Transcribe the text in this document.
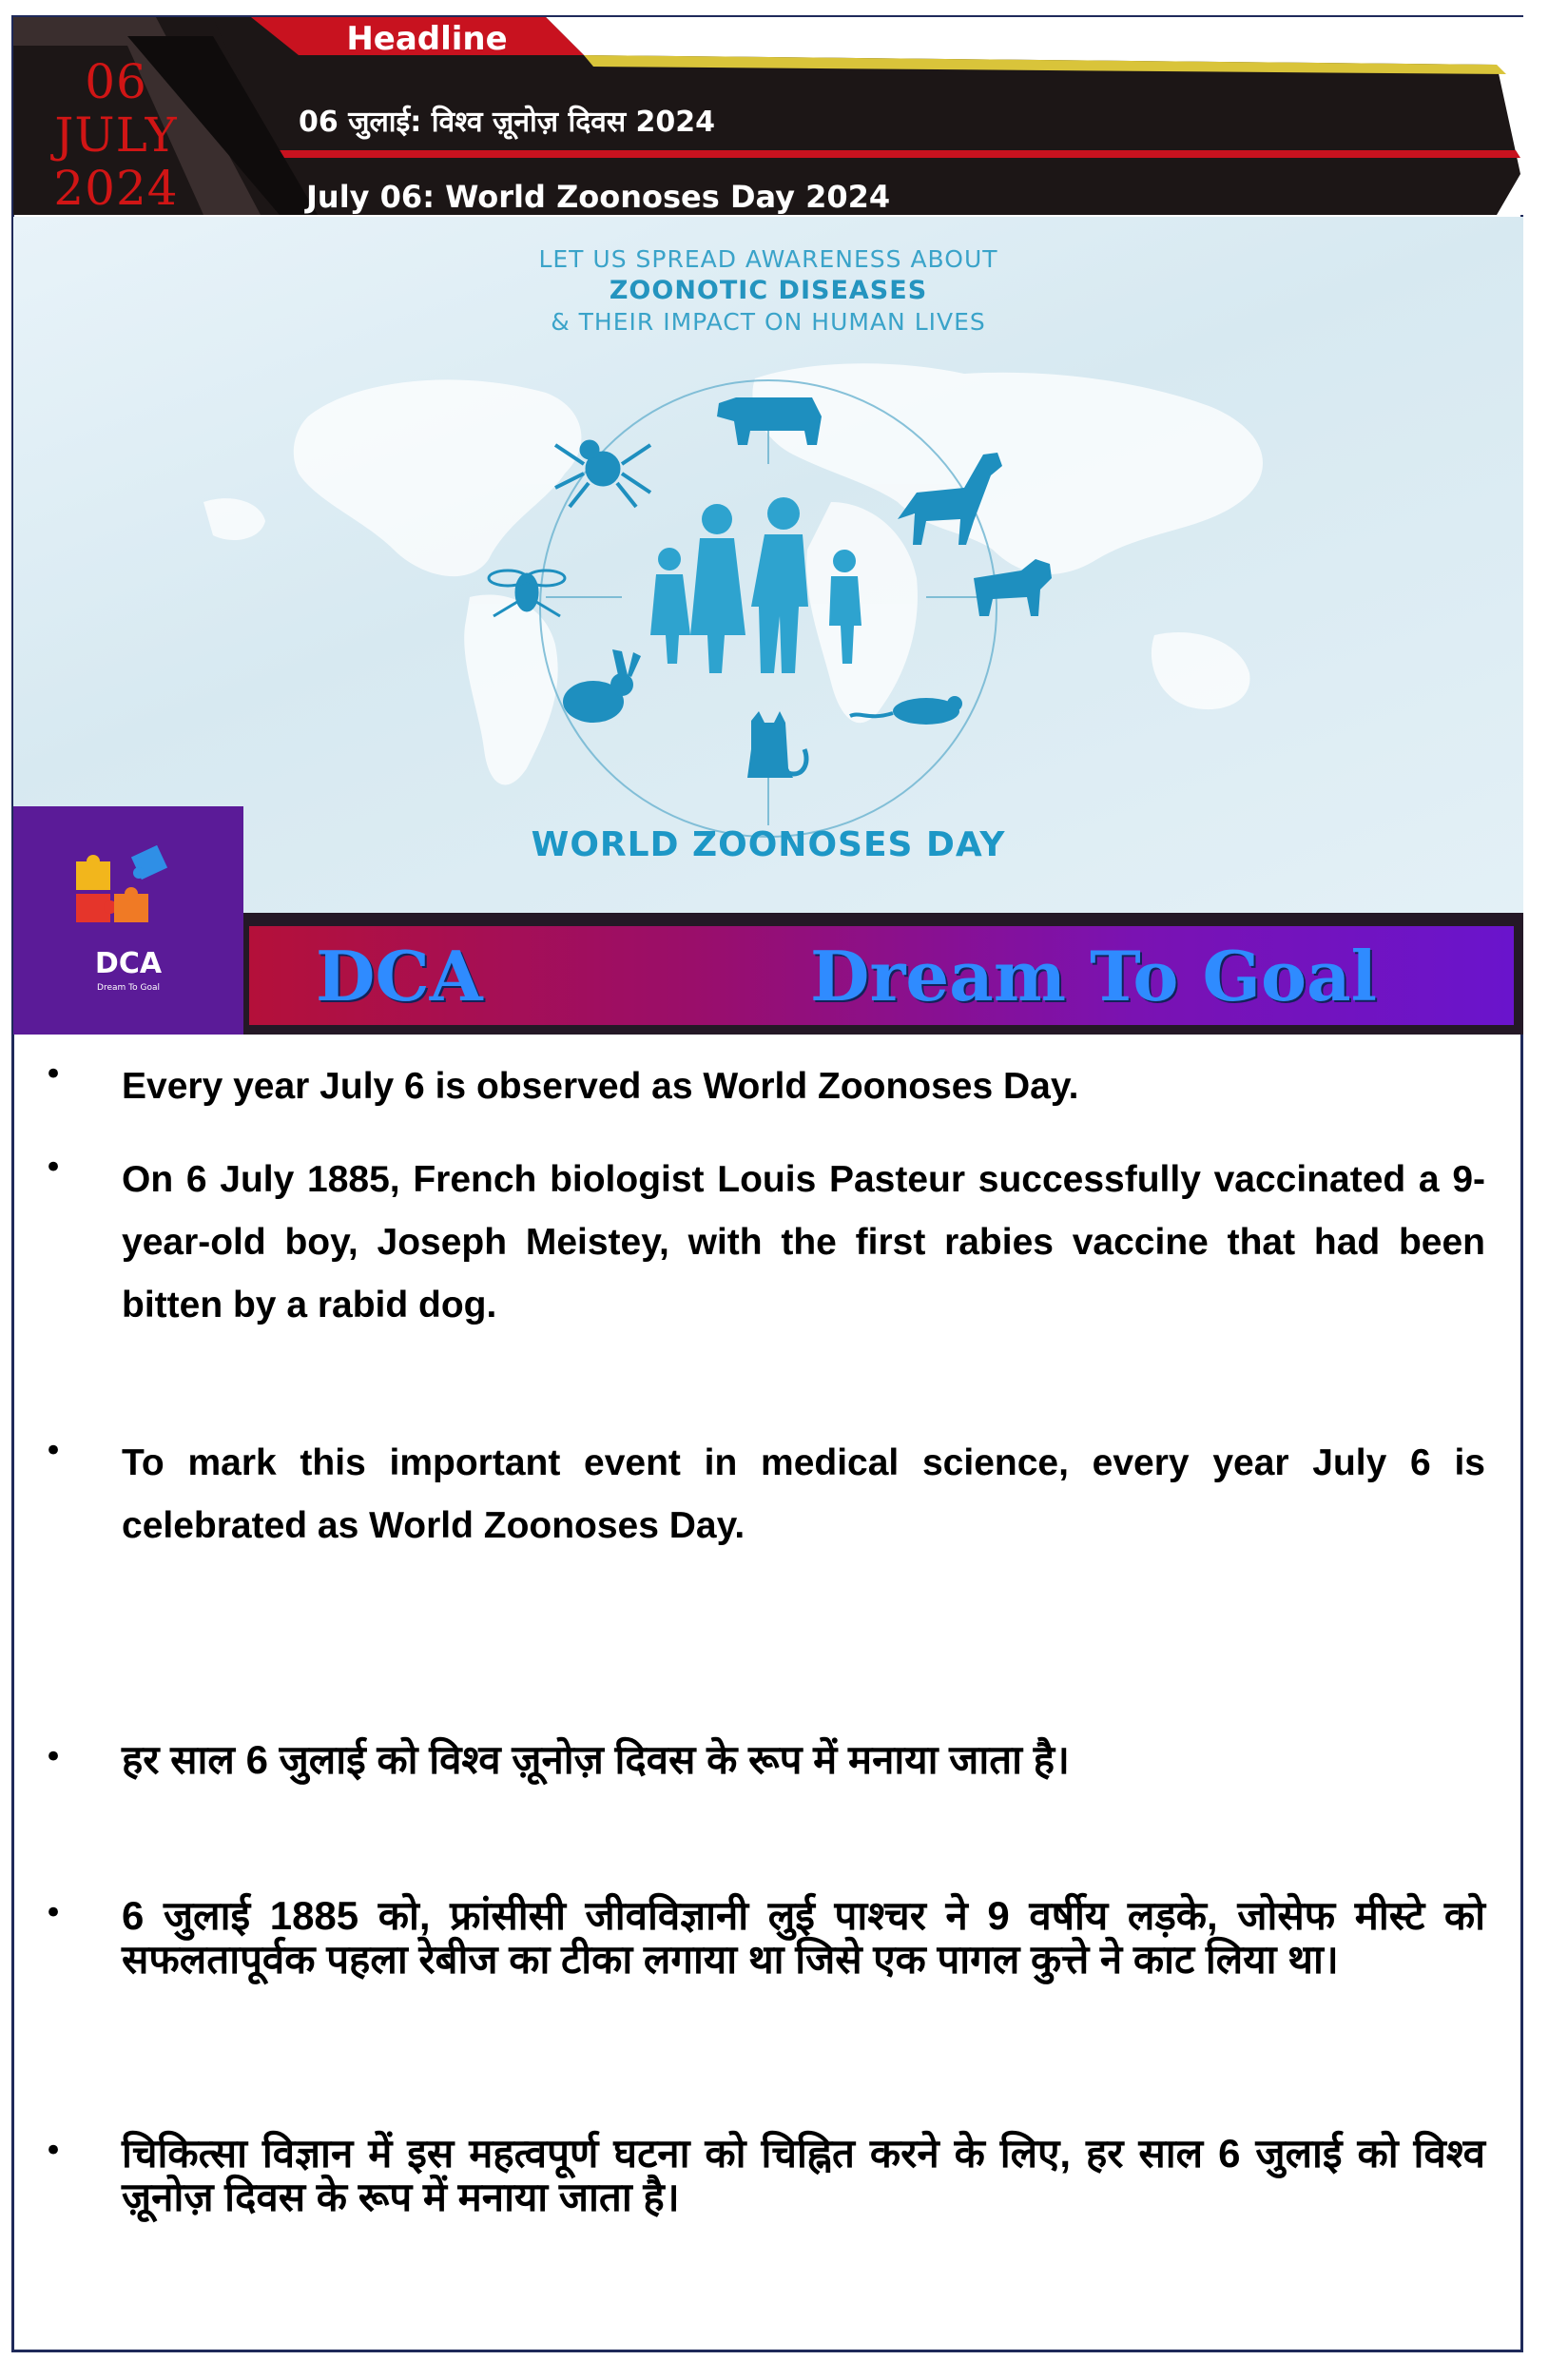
06
JULY
2024
Headline
06 जुलाई: विश्व ज़ूनोज़ दिवस 2024
July 06: World Zoonoses Day 2024
LET US SPREAD AWARENESS ABOUT
ZOONOTIC DISEASES
& THEIR IMPACT ON HUMAN LIVES
WORLD ZOONOSES DAY
DCA
Dream To Goal	DCA	Dream To Goal
• Every year July 6 is observed as World Zoonoses Day.
• On 6 July 1885, French biologist Louis Pasteur successfully vaccinated a 9-year-old boy, Joseph Meistey, with the first rabies vaccine that had been bitten by a rabid dog.
• To mark this important event in medical science, every year July 6 is celebrated as World Zoonoses Day.
• हर साल 6 जुलाई को विश्व ज़ूनोज़ दिवस के रूप में मनाया जाता है।
• 6 जुलाई 1885 को, फ्रांसीसी जीवविज्ञानी लुई पाश्चर ने 9 वर्षीय लड़के, जोसेफ मीस्टे को सफलतापूर्वक पहला रेबीज का टीका लगाया था जिसे एक पागल कुत्ते ने काट लिया था।
• चिकित्सा विज्ञान में इस महत्वपूर्ण घटना को चिह्नित करने के लिए, हर साल 6 जुलाई को विश्व ज़ूनोज़ दिवस के रूप में मनाया जाता है।
